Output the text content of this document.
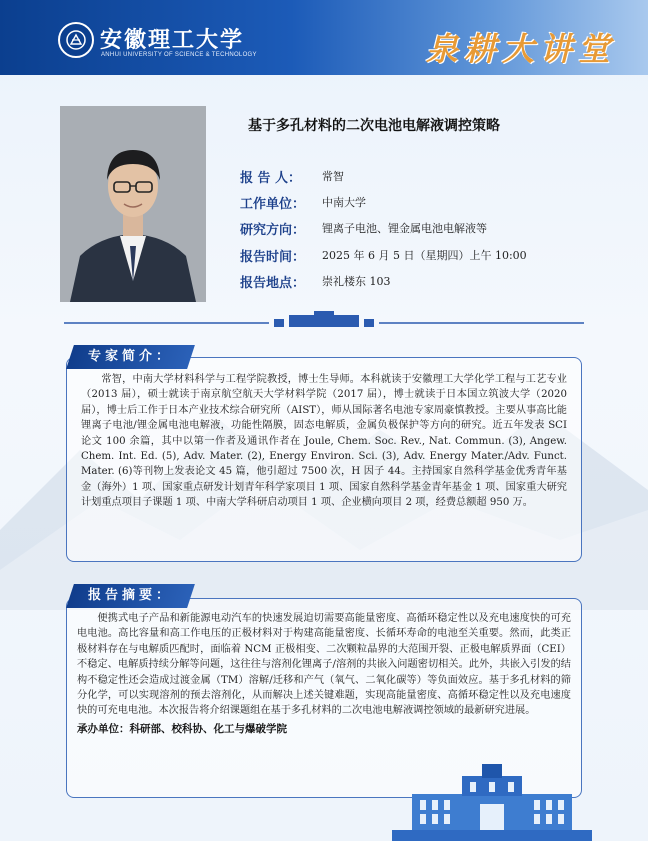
安徽理工大学
ANHUI UNIVERSITY OF SCIENCE & TECHNOLOGY	泉耕大讲堂
基于多孔材料的二次电池电解液调控策略
报 告 人：	常智
工作单位：	中南大学
研究方向：	锂离子电池、锂金属电池电解液等
报告时间：	2025 年 6 月 5 日（星期四）上午 10:00
报告地点：	崇礼楼东 103
常智，中南大学材料科学与工程学院教授，博士生导师。本科就读于安徽理工大学化学工程与工艺专业（2013 届），硕士就读于南京航空航天大学材料学院（2017 届），博士就读于日本国立筑波大学（2020 届），博士后工作于日本产业技术综合研究所（AIST），师从国际著名电池专家周豪慎教授。主要从事高比能锂离子电池/锂金属电池电解液，功能性隔膜，固态电解质，金属负极保护等方向的研究。近五年发表 SCI 论文 100 余篇，其中以第一作者及通讯作者在 Joule, Chem. Soc. Rev., Nat. Commun. (3), Angew. Chem. Int. Ed. (5), Adv. Mater. (2), Energy Environ. Sci. (3), Adv. Energy Mater./Adv. Funct. Mater. (6)等刊物上发表论文 45 篇，他引超过 7500 次，H 因子 44。主持国家自然科学基金优秀青年基金（海外）1 项、国家重点研发计划青年科学家项目 1 项、国家自然科学基金青年基金 1 项、国家重大研究计划重点项目子课题 1 项、中南大学科研启动项目 1 项、企业横向项目 2 项，经费总额超 950 万。
专家简介：
便携式电子产品和新能源电动汽车的快速发展迫切需要高能量密度、高循环稳定性以及充电速度快的可充电电池。高比容量和高工作电压的正极材料对于构建高能量密度、长循环寿命的电池至关重要。然而，此类正极材料存在与电解质匹配时，面临着 NCM 正极相变、二次颗粒晶界的大范围开裂、正极电解质界面（CEI）不稳定、电解质持续分解等问题，这往往与溶剂化锂离子/溶剂的共嵌入问题密切相关。此外，共嵌入引发的结构不稳定性还会造成过渡金属（TM）溶解/迁移和产气（氧气、二氧化碳等）等负面效应。基于多孔材料的筛分化学，可以实现溶剂的预去溶剂化，从而解决上述关键难题，实现高能量密度、高循环稳定性以及充电速度快的可充电电池。本次报告将介绍课题组在基于多孔材料的二次电池电解液调控领域的最新研究进展。
承办单位：科研部、校科协、化工与爆破学院
报告摘要：
